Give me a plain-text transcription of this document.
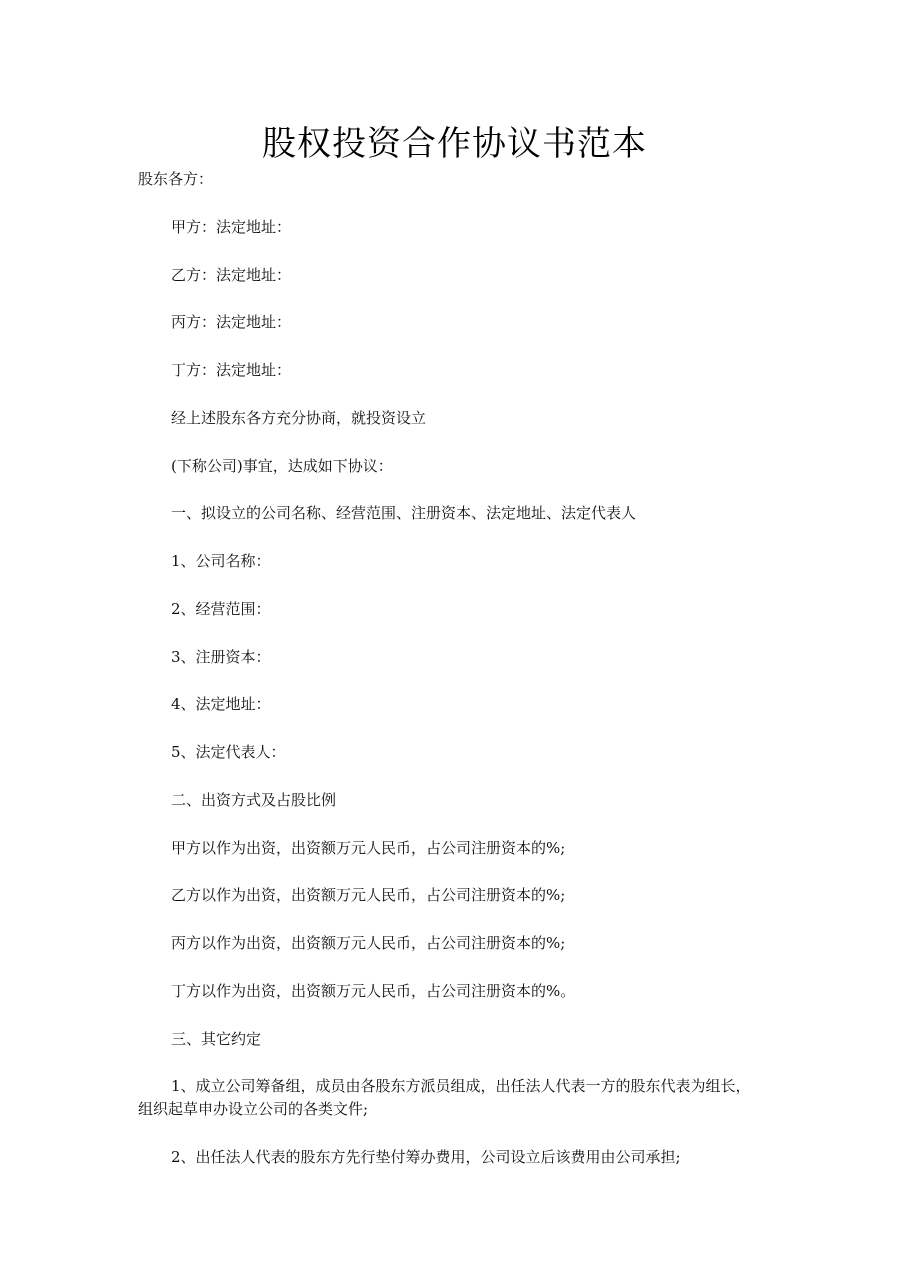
股权投资合作协议书范本
股东各方：
甲方：法定地址：
乙方：法定地址：
丙方：法定地址：
丁方：法定地址：
经上述股东各方充分协商，就投资设立
(下称公司)事宜，达成如下协议：
一、拟设立的公司名称、经营范围、注册资本、法定地址、法定代表人
1、公司名称：
2、经营范围：
3、注册资本：
4、法定地址：
5、法定代表人：
二、出资方式及占股比例
甲方以作为出资，出资额万元人民币，占公司注册资本的%;
乙方以作为出资，出资额万元人民币，占公司注册资本的%;
丙方以作为出资，出资额万元人民币，占公司注册资本的%;
丁方以作为出资，出资额万元人民币，占公司注册资本的%。
三、其它约定
1、成立公司筹备组，成员由各股东方派员组成，出任法人代表一方的股东代表为组长，
组织起草申办设立公司的各类文件;
2、出任法人代表的股东方先行垫付筹办费用，公司设立后该费用由公司承担;
